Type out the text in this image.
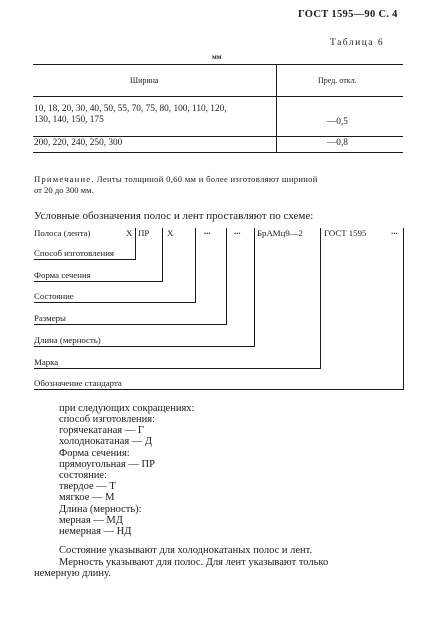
ГОСТ 1595—90 С. 4
Таблица 6
мм
Ширина	Пред. откл.
10, 18, 20, 30, 40, 50, 55, 70, 75, 80, 100, 110, 120,
130, 140, 150, 175	—0,5
200, 220, 240, 250, 300	—0,8
Примечание. Ленты толщиной 0,60 мм и более изготовляют шириной
от 20 до 300 мм.
Условные обозначения полос и лент проставляют по схеме:
Полоса (лента)	Х ПР Х	...	... БрАМц9—2 ГОСТ 1595	...
Способ изготовления
Форма сечения
Состояние
Размеры
Длина (мерность)
Марка
Обозначение стандарта
при следующих сокращениях:
способ изготовления:
горячекатаная — Г
холоднокатаная — Д
Форма сечения:
прямоугольная — ПР
состояние:
твердое — Т
мягкое — М
Длина (мерность):
мерная — МД
немерная — НД
Состояние указывают для холоднокатаных полос и лент.
Мерность указывают для полос. Для лент указывают только
немерную длину.
